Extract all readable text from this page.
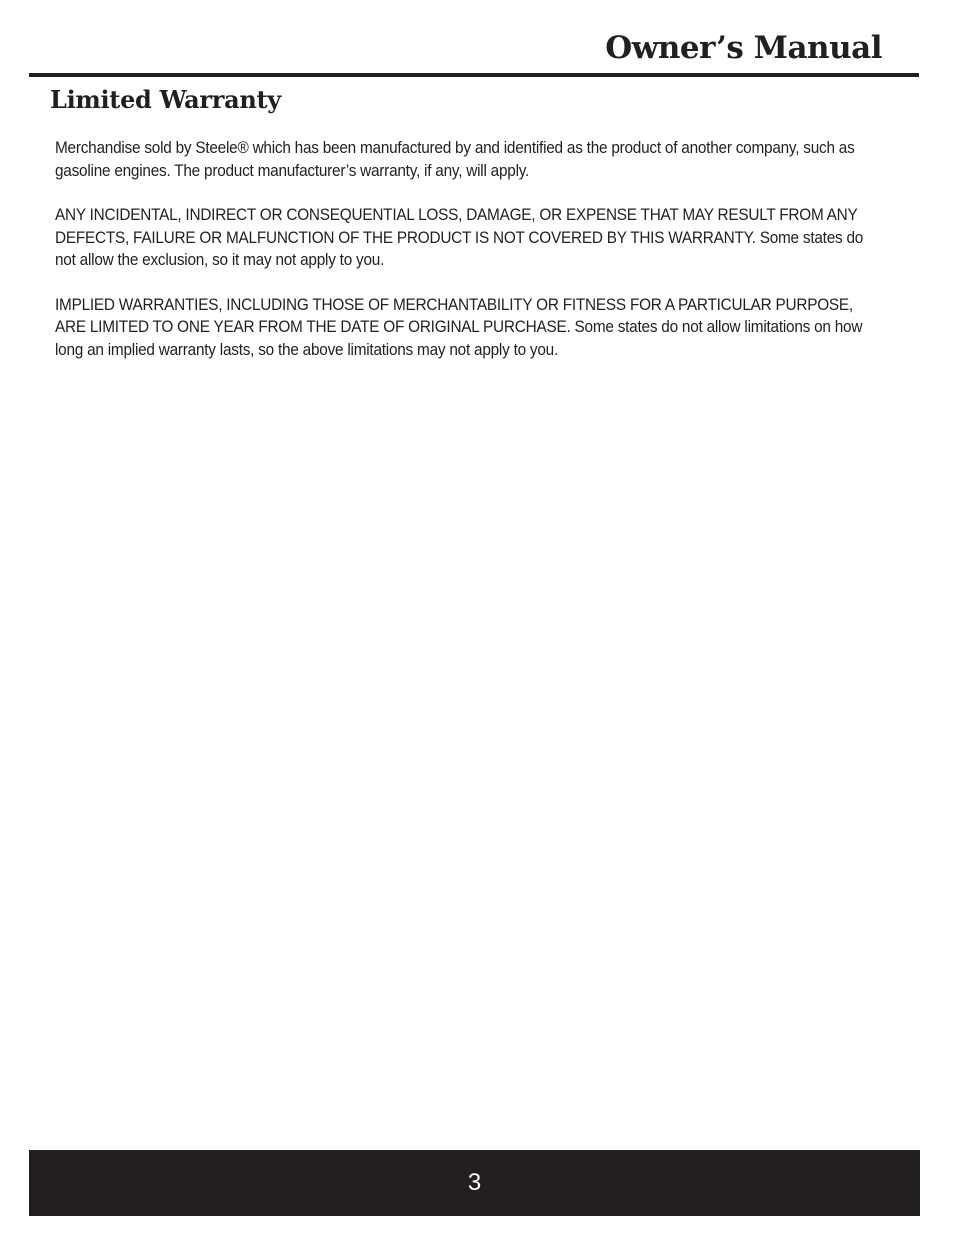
Owner’s Manual
Limited Warranty

Merchandise sold by Steele® which has been manufactured by and identified as the product of another company, such as gasoline engines. The product manufacturer’s warranty, if any, will apply.

ANY INCIDENTAL, INDIRECT OR CONSEQUENTIAL LOSS, DAMAGE, OR EXPENSE THAT MAY RESULT FROM ANY DEFECTS, FAILURE OR MALFUNCTION OF THE PRODUCT IS NOT COVERED BY THIS WARRANTY. Some states do not allow the exclusion, so it may not apply to you.

IMPLIED WARRANTIES, INCLUDING THOSE OF MERCHANTABILITY OR FITNESS FOR A PARTICULAR PURPOSE, ARE LIMITED TO ONE YEAR FROM THE DATE OF ORIGINAL PURCHASE. Some states do not allow limitations on how long an implied warranty lasts, so the above limitations may not apply to you.

3
